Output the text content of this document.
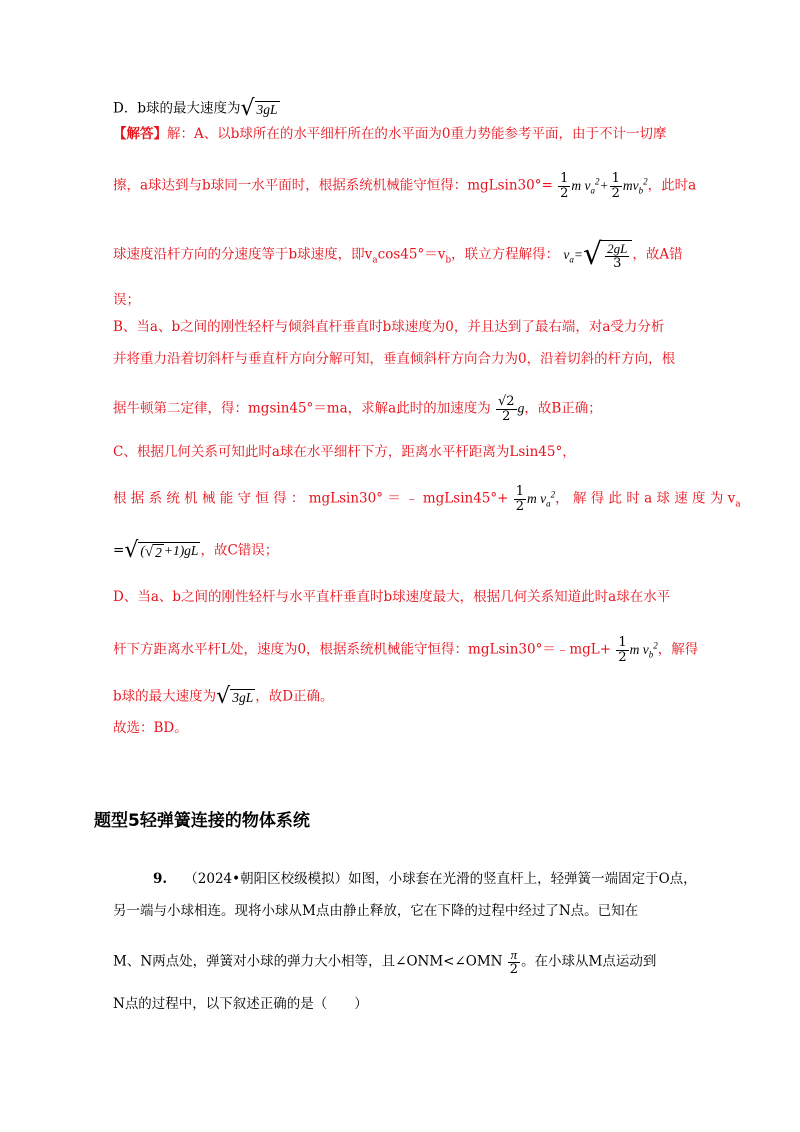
D．b球的最大速度为√ 3gL
【解答】解：A、以b球所在的水平细杆所在的水平面为0重力势能参考平面，由于不计一切摩
擦，a球达到与b球同一水平面时，根据系统机械能守恒得：$mgLsin30^\circ= \frac{1}{2}$ m $v_a^2+ \frac{1}{2} mv_b^2$，此时a
球速度沿杆方向的分速度等于b球速度，即$v_a\cos 45^\circ=v_b$，联立方程解得： $v_a=√ \frac{2gL}{3}$ ，故A错
误；
B、当a、b之间的刚性轻杆与倾斜直杆垂直时b球速度为0，并且达到了最右端，对a受力分析
并将重力沿着切斜杆与垂直杆方向分解可知，垂直倾斜杆方向合力为0，沿着切斜的杆方向，根
据牛顿第二定律，得：mgsin45°＝ma，求解a此时的加速度为 $\frac{√2}{2}$ g，故B正确；
C、根据几何关系可知此时a球在水平细杆下方，距离水平杆距离为Lsin45°，
根 据 系 统 机 械 能 守 恒 得 ： mgLsin30° ＝ ﹣ $mgLsin45^\circ+ \frac{1}{2}$ m $v_a^2$， 解 得 此 时 a 球 速 度 为 $v_a$
=√ (√ 2 +1)gL ，故C错误；
D、当a、b之间的刚性轻杆与水平直杆垂直时b球速度最大，根据几何关系知道此时a球在水平
杆下方距离水平杆L处，速度为0，根据系统机械能守恒得：mgLsin30°＝﹣mgL+ $\frac{1}{2}$ m $v_b^2$，解得
b球的最大速度为√ 3gL ，故D正确。
故选：BD。
题型5轻弹簧连接的物体系统
9. （2024•朝阳区校级模拟）如图，小球套在光滑的竖直杆上，轻弹簧一端固定于O点，
另一端与小球相连。现将小球从M点由静止释放，它在下降的过程中经过了N点。已知在
M、N两点处，弹簧对小球的弹力大小相等，且∠ONM<∠OMN $\frac{\pi}{2}$ 。在小球从M点运动到
N点的过程中，以下叙述正确的是（　　）
